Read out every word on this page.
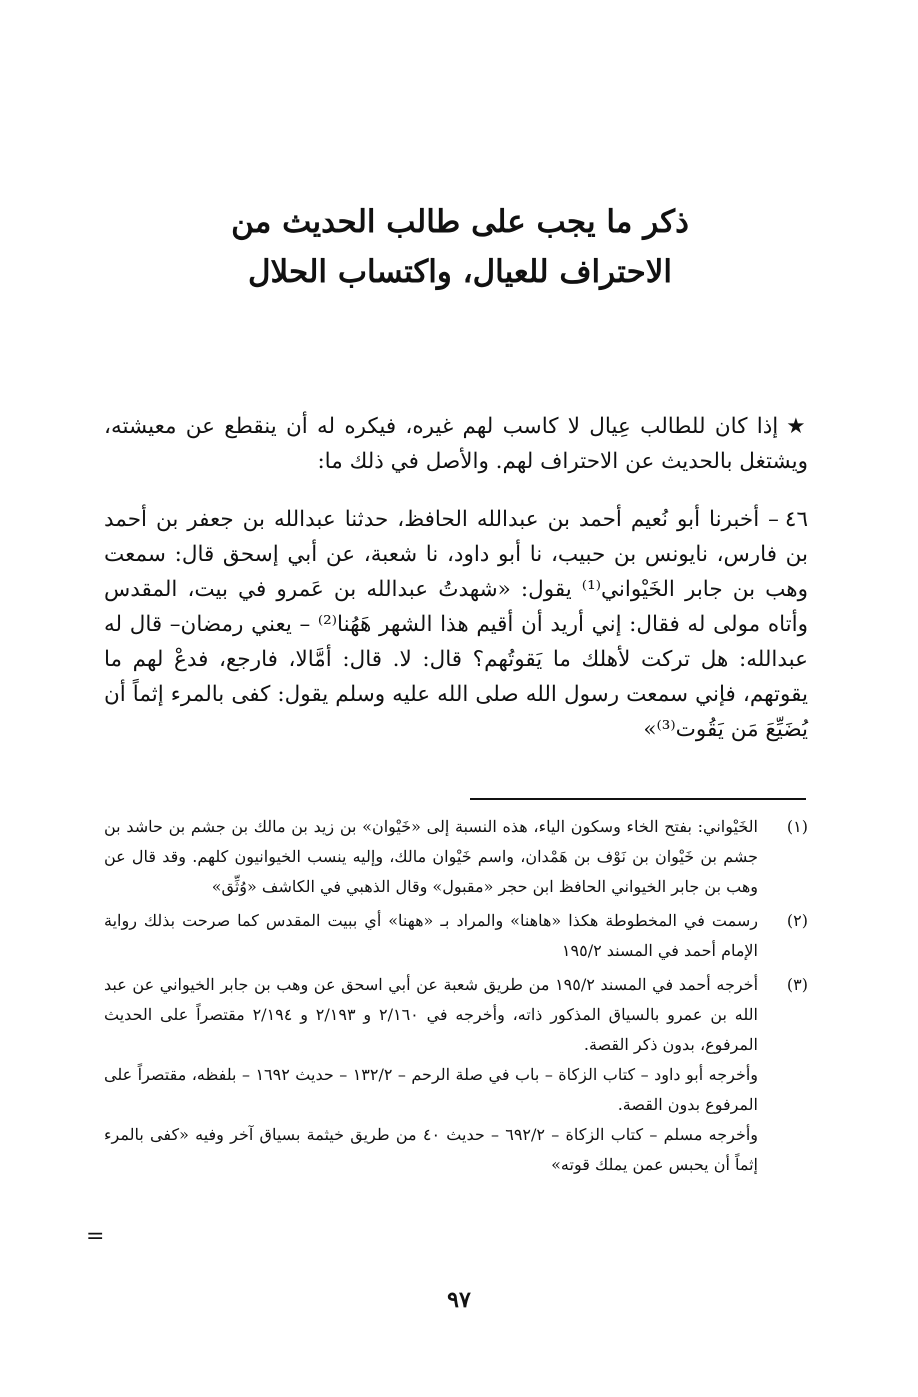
ذكر ما يجب على طالب الحديث من
الاحتراف للعيال، واكتساب الحلال
★إذا كان للطالب عِيال لا كاسب لهم غيره، فيكره له أن ينقطع عن معيشته، ويشتغل بالحديث عن الاحتراف لهم. والأصل في ذلك ما:
٤٦– أخبرنا أبو نُعيم أحمد بن عبدالله الحافظ، حدثنا عبدالله بن جعفر بن أحمد بن فارس، نايونس بن حبيب، نا أبو داود، نا شعبة، عن أبي إسحق قال: سمعت وهب بن جابر الخَيْواني⁽¹⁾ يقول: «شهدتُ عبدالله بن عَمرو في بيت، المقدس وأتاه مولى له فقال: إني أريد أن أقيم هذا الشهر هَهُنا⁽²⁾ – يعني رمضان– قال له عبدالله: هل تركت لأهلك ما يَقوتُهم؟ قال: لا. قال: أمَّالا، فارجع، فدعْ لهم ما يقوتهم، فإني سمعت رسول الله صلى الله عليه وسلم يقول: كفى بالمرء إثماً أن يُضَيِّعَ مَن يَقُوت⁽³⁾»
(١)
الخَيْواني: بفتح الخاء وسكون الياء، هذه النسبة إلى «خَيْوان» بن زيد بن مالك بن جشم بن حاشد بن جشم بن خَيْوان بن نَوْف بن هَمْدان، واسم خَيْوان مالك، وإليه ينسب الخيوانيون كلهم. وقد قال عن وهب بن جابر الخيواني الحافظ ابن حجر «مقبول» وقال الذهبي في الكاشف «وُثِّق»
(٢)
رسمت في المخطوطة هكذا «هاهنا» والمراد بـ «ههنا» أي ببيت المقدس كما صرحت بذلك رواية الإمام أحمد في المسند ١٩٥/٢
(٣)
أخرجه أحمد في المسند ١٩٥/٢ من طريق شعبة عن أبي اسحق عن وهب بن جابر الخيواني عن عبد الله بن عمرو بالسياق المذكور ذاته، وأخرجه في ٢/١٦٠ و ٢/١٩٣ و ٢/١٩٤ مقتصراً على الحديث المرفوع، بدون ذكر القصة.
وأخرجه أبو داود – كتاب الزكاة – باب في صلة الرحم – ١٣٢/٢ – حديث ١٦٩٢ – بلفظه، مقتصراً على المرفوع بدون القصة.
وأخرجه مسلم – كتاب الزكاة – ٦٩٢/٢ – حديث ٤٠ من طريق خيثمة بسياق آخر وفيه «كفى بالمرء إثماً أن يحبس عمن يملك قوته»
=
٩٧
